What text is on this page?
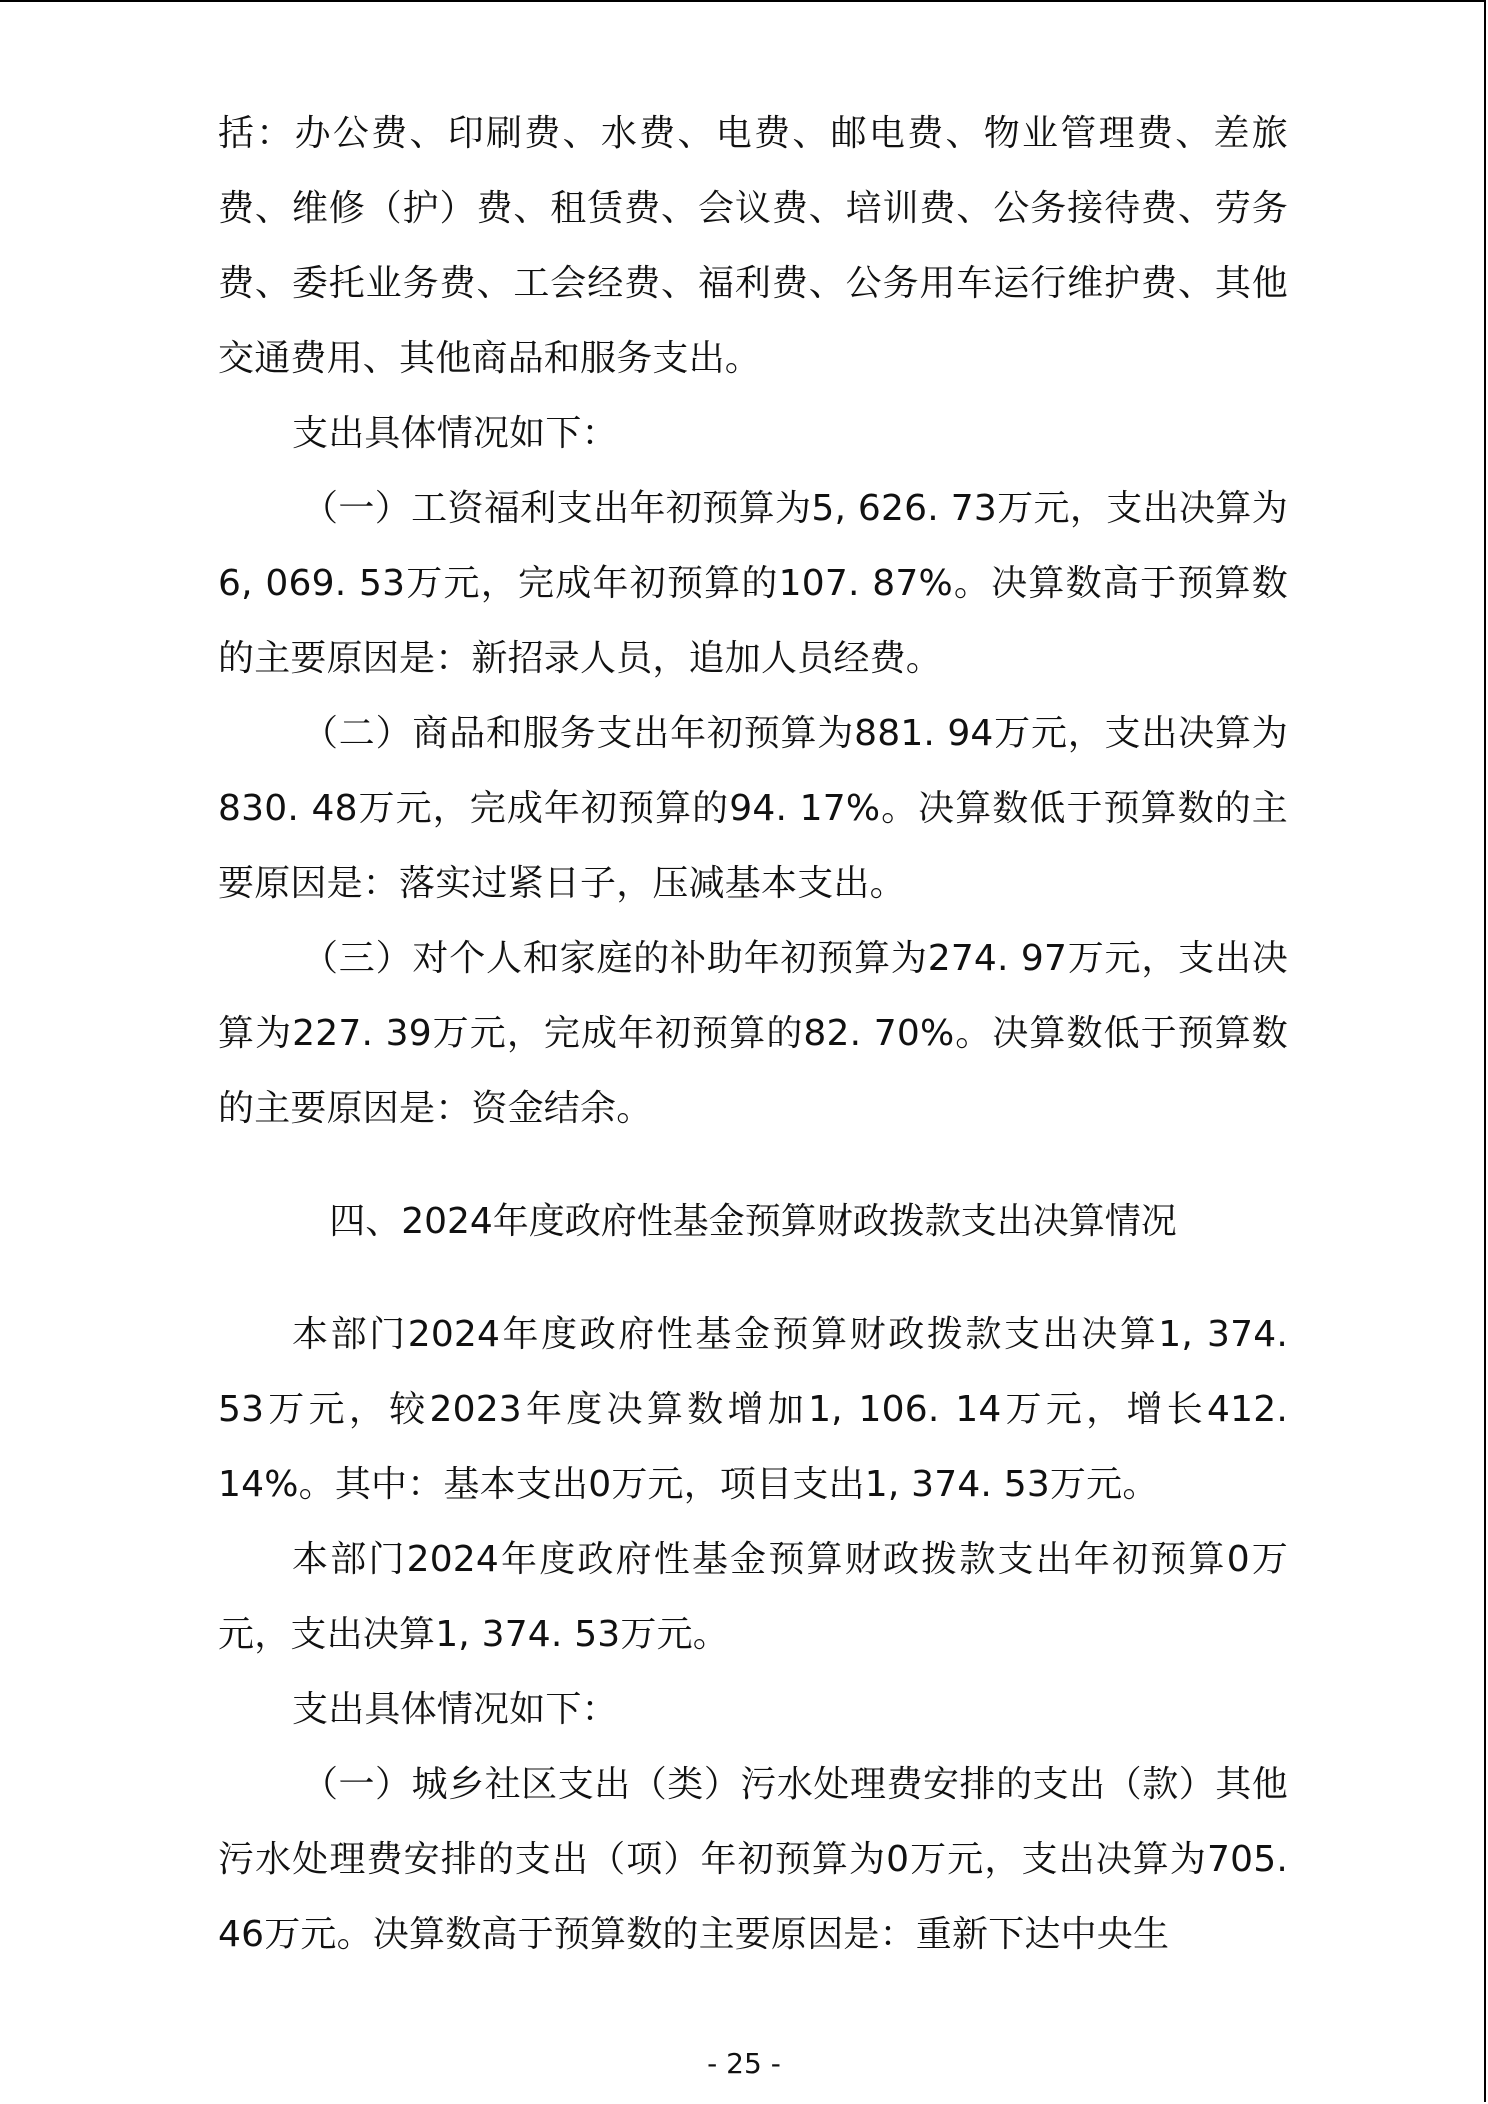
括：办公费、印刷费、水费、电费、邮电费、物业管理费、差旅费、维修（护）费、租赁费、会议费、培训费、公务接待费、劳务费、委托业务费、工会经费、福利费、公务用车运行维护费、其他交通费用、其他商品和服务支出。

支出具体情况如下：

（一）工资福利支出年初预算为5, 626. 73万元，支出决算为6, 069. 53万元，完成年初预算的107. 87%。决算数高于预算数的主要原因是：新招录人员，追加人员经费。

（二）商品和服务支出年初预算为881. 94万元，支出决算为830. 48万元，完成年初预算的94. 17%。决算数低于预算数的主要原因是：落实过紧日子，压减基本支出。

（三）对个人和家庭的补助年初预算为274. 97万元，支出决算为227. 39万元，完成年初预算的82. 70%。决算数低于预算数的主要原因是：资金结余。

四、2024年度政府性基金预算财政拨款支出决算情况

本部门2024年度政府性基金预算财政拨款支出决算1, 374. 53万元，较2023年度决算数增加1, 106. 14万元，增长412. 14%。其中：基本支出0万元，项目支出1, 374. 53万元。

本部门2024年度政府性基金预算财政拨款支出年初预算0万元，支出决算1, 374. 53万元。

支出具体情况如下：

（一）城乡社区支出（类）污水处理费安排的支出（款）其他污水处理费安排的支出（项）年初预算为0万元，支出决算为705. 46万元。决算数高于预算数的主要原因是：重新下达中央生

- 25 -
